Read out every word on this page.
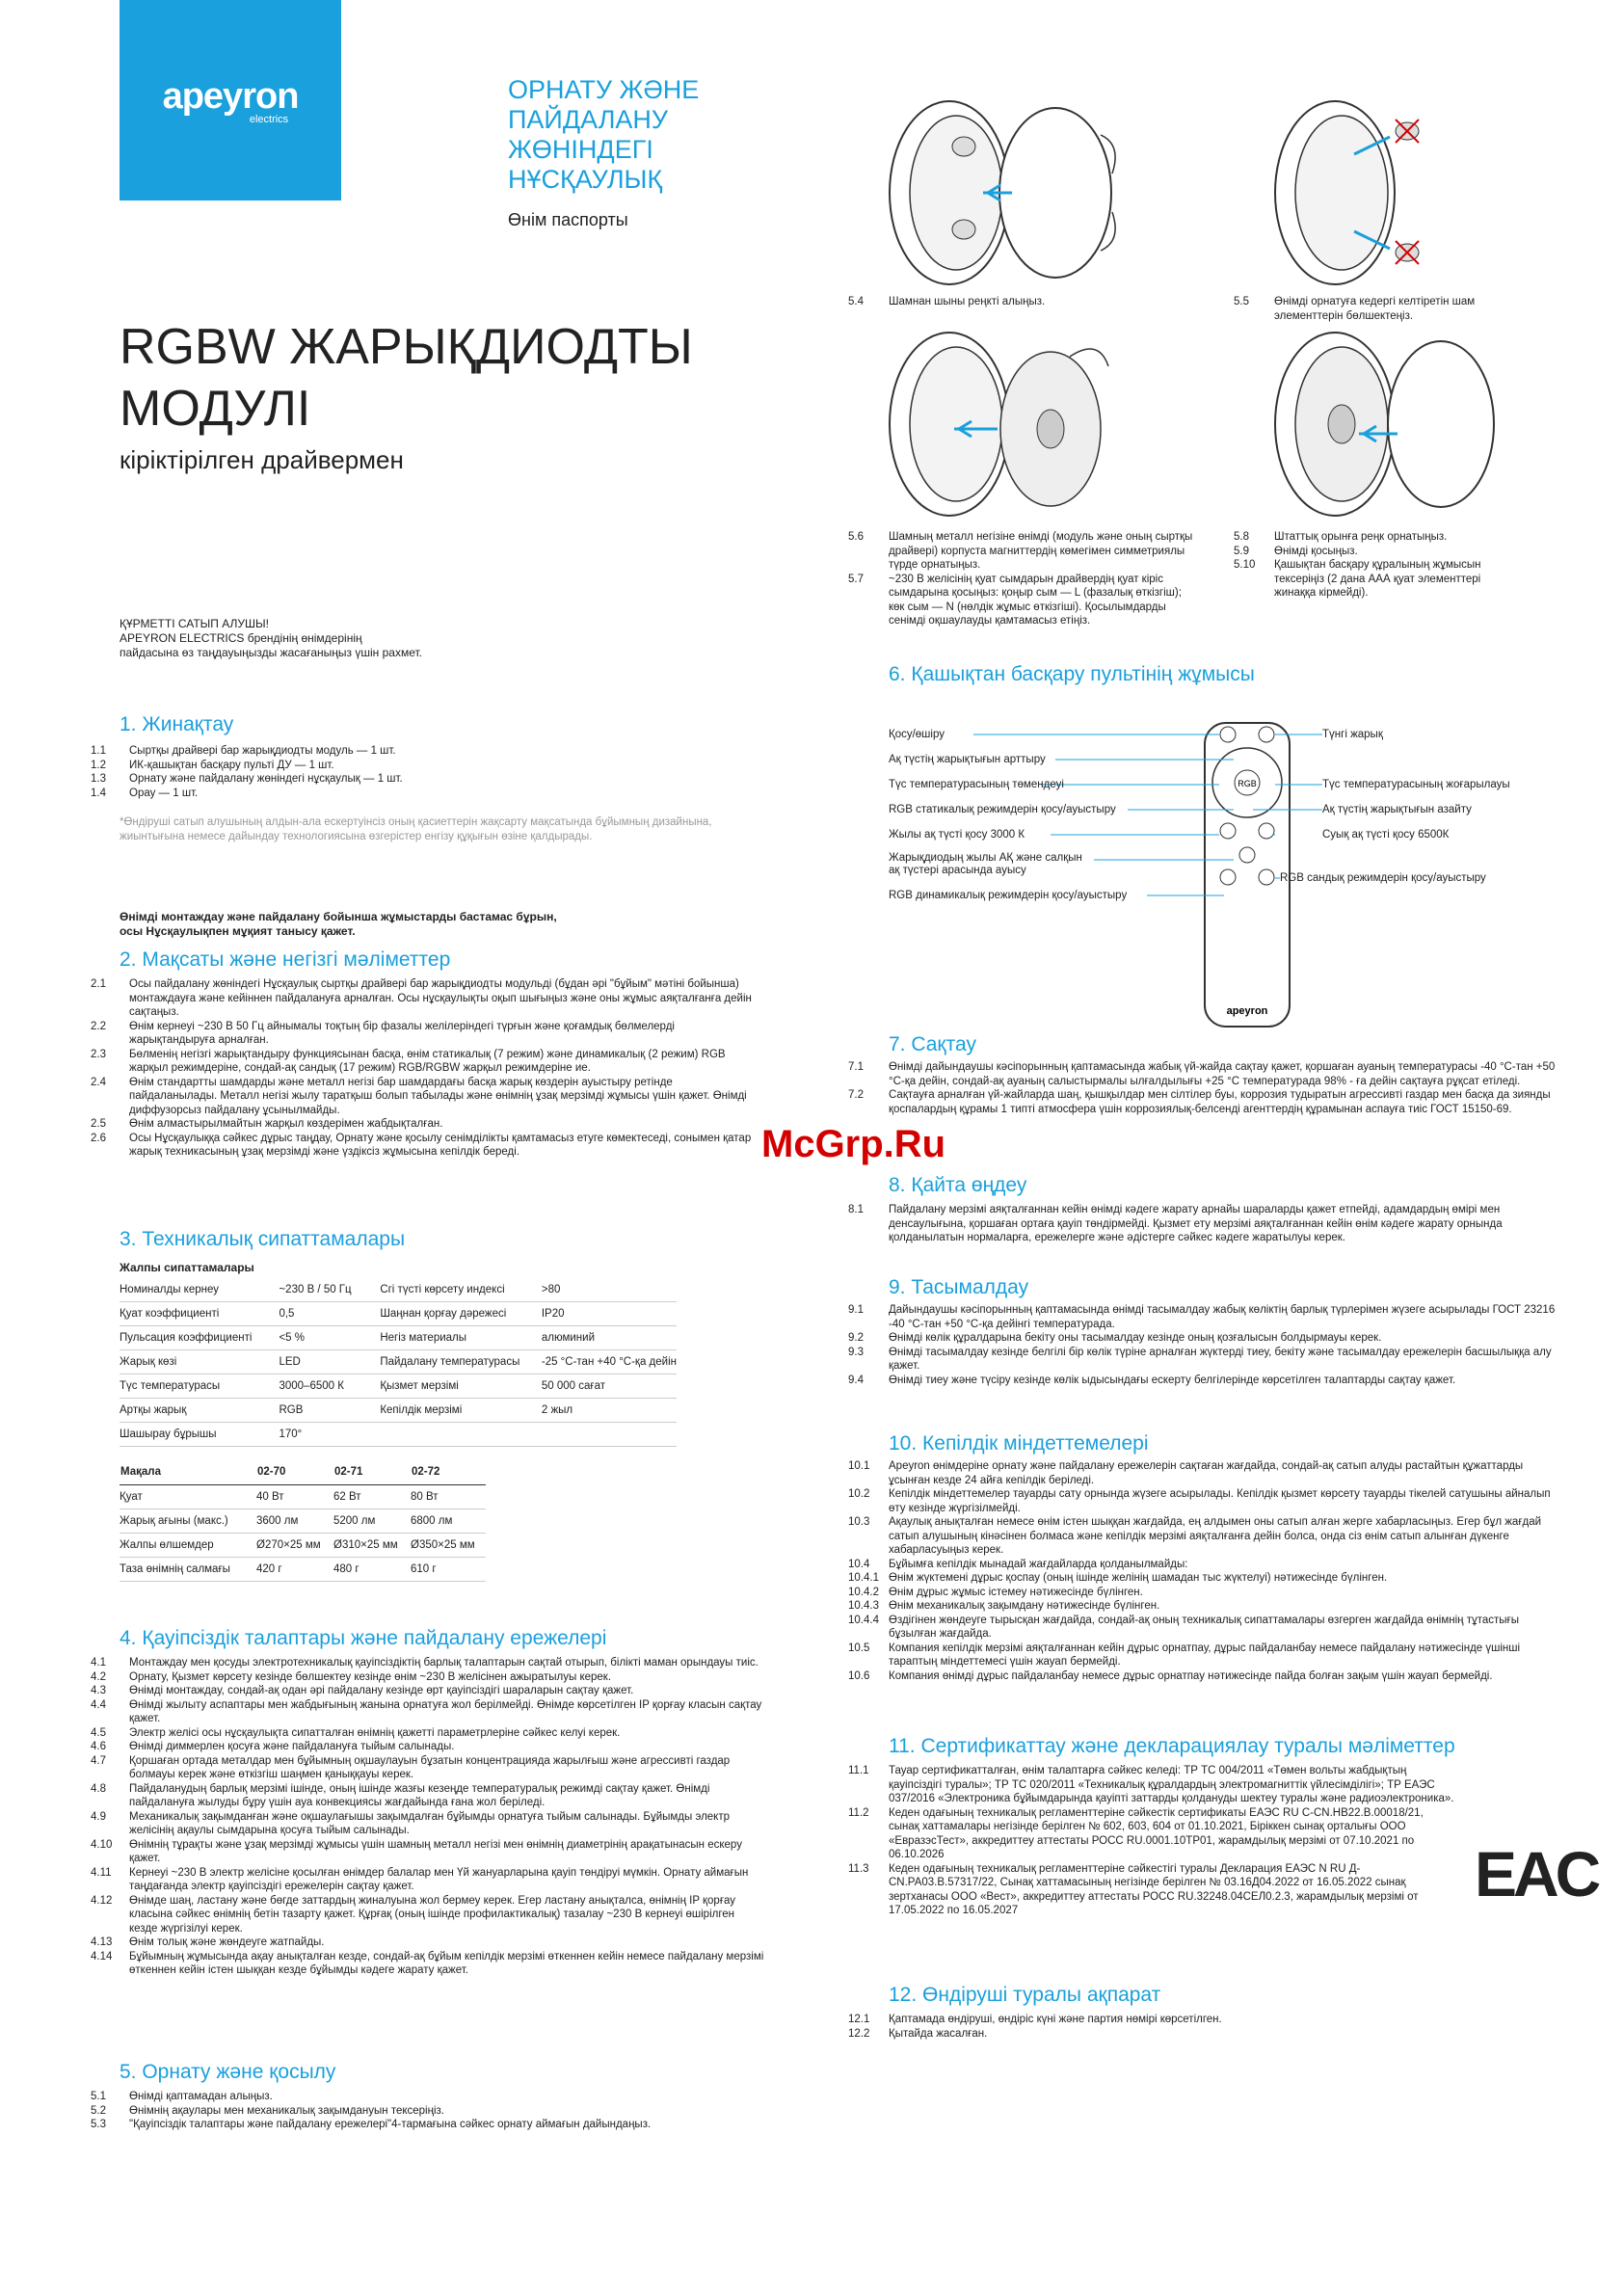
apeyron
electrics
ОРНАТУ ЖӘНЕ
ПАЙДАЛАНУ
ЖӨНІНДЕГІ
НҰСҚАУЛЫҚ
Өнім паспорты
RGBW ЖАРЫҚДИОДТЫ
МОДУЛІ
кіріктірілген драйвермен
ҚҰРМЕТТІ САТЫП АЛУШЫ!
APEYRON ELECTRICS брендінің өнімдерінің
пайдасына өз таңдауыңызды жасағаныңыз үшін рахмет.
1. Жинақтау
1.1	Сыртқы драйвері бар жарықдиодты модуль — 1 шт.
1.2	ИК-қашықтан басқару пульті ДУ — 1 шт.
1.3	Орнату және пайдалану жөніндегі нұсқаулық — 1 шт.
1.4	Орау — 1 шт.
*Өндіруші сатып алушының алдын-ала ескертуінсіз оның қасиеттерін жақсарту мақсатында бұйымның дизайнына, жиынтығына немесе дайындау технологиясына өзгерістер енгізу құқығын өзіне қалдырады.
Өнімді монтаждау және пайдалану бойынша жұмыстарды бастамас бұрын,
осы Нұсқаулықпен мұқият танысу қажет.
2. Мақсаты және негізгі мәліметтер
2.1	Осы пайдалану жөніндегі Нұсқаулық сыртқы драйвері бар жарықдиодты модульді (бұдан әрі "бұйым" мәтіні бойынша) монтаждауға және кейіннен пайдалануға арналған. Осы нұсқаулықты оқып шығыңыз және оны жұмыс аяқталғанға дейін сақтаңыз.
2.2	Өнім кернеуі ~230 В 50 Гц айнымалы тоқтың бір фазалы желілеріндегі түрғын және қоғамдық бөлмелерді жарықтандыруға арналған.
2.3	Бөлменің негізгі жарықтандыру функциясынан басқа, өнім статикалық (7 режим) және динамикалық (2 режим) RGB жарқыл режимдеріне, сондай-ақ сандық (17 режим) RGB/RGBW жарқыл режимдеріне ие.
2.4	Өнім стандартты шамдарды және металл негізі бар шамдардағы басқа жарық көздерін ауыстыру ретінде пайдаланылады. Металл негізі жылу таратқыш болып табылады және өнімнің ұзақ мерзімді жұмысы үшін қажет. Өнімді диффузорсыз пайдалану ұсынылмайды.
2.5	Өнім алмастырылмайтын жарқыл көздерімен жабдықталған.
2.6	Осы Нұсқаулыққа сәйкес дұрыс таңдау, Орнату және қосылу сенімділікты қамтамасыз етуге көмектеседі, сонымен қатар жарық техникасының ұзақ мерзімді және үздіксіз жұмысына кепілдік береді.
3. Техникалық сипаттамалары
Жалпы сипаттамалары
Номиналды кернеу	~230 В / 50 Гц	Сгі түсті көрсету индексі	>80
Қуат коэффициенті	0,5	Шаңнан қорғау дәрежесі	IP20
Пульсация коэффициенті	<5 %	Негіз материалы	алюминий
Жарық көзі	LED	Пайдалану температурасы	-25 °С-тан +40 °С-қа дейін
Түс температурасы	3000–6500 К	Қызмет мерзімі	50 000 сағат
Артқы жарық	RGB	Кепілдік мерзімі	2 жыл
Шашырау бұрышы	170°		
Мақала	02-70	02-71	02-72
Қуат	40 Вт	62 Вт	80 Вт
Жарық ағыны (макс.)	3600 лм	5200 лм	6800 лм
Жалпы өлшемдер	Ø270×25 мм	Ø310×25 мм	Ø350×25 мм
Таза өнімнің салмағы	420 г	480 г	610 г
4. Қауіпсіздік талаптары және пайдалану ережелері
4.1	Монтаждау мен қосуды электротехникалық қауіпсіздіктің барлық талаптарын сақтай отырып, білікті маман орындауы тиіс.
4.2	Орнату, Қызмет көрсету кезінде бөлшектеу кезінде өнім ~230 В желісінен ажыратылуы керек.
4.3	Өнімді монтаждау, сондай-ақ одан әрі пайдалану кезінде өрт қауіпсіздігі шараларын сақтау қажет.
4.4	Өнімді жылыту аспаптары мен жабдығының жанына орнатуға жол берілмейді. Өнімде көрсетілген IP қорғау класын сақтау қажет.
4.5	Электр желісі осы нұсқаулықта сипатталған өнімнің қажетті параметрлеріне сәйкес келуі керек.
4.6	Өнімді диммерлен қосуға және пайдалануға тыйым салынады.
4.7	Қоршаған ортада металдар мен бұйымның оқшаулауын бұзатын концентрацияда жарылғыш және агрессивті газдар болмауы керек және өткізгіш шаңмен қаныққауы керек.
4.8	Пайдаланудың барлық мерзімі ішінде, оның ішінде жазғы кезеңде температуралық режимді сақтау қажет. Өнімді пайдалануға жылуды бұру үшін ауа конвекциясы жағдайында ғана жол беріледі.
4.9	Механикалық зақымданған және оқшаулағышы зақымдалған бұйымды орнатуға тыйым салынады. Бұйымды электр желісінің ақаулы сымдарына қосуға тыйым салынады.
4.10	Өнімнің тұрақты және ұзақ мерзімді жұмысы үшін шамның металл негізі мен өнімнің диаметрінің арақатынасын ескеру қажет.
4.11	Кернеуі ~230 В электр желісіне қосылған өнімдер балалар мен Үй жануарларына қауіп төндіруі мүмкін. Орнату аймағын таңдағанда электр қауіпсіздігі ережелерін сақтау қажет.
4.12	Өнімде шаң, ластану және бөгде заттардың жиналуына жол бермеу керек. Егер ластану анықталса, өнімнің IP қорғау класына сәйкес өнімнің бетін тазарту қажет. Құрғақ (оның ішінде профилактикалық) тазалау ~230 В кернеуі өшірілген кезде жүргізілуі керек.
4.13	Өнім толық және жөндеуге жатпайды.
4.14	Бұйымның жұмысында ақау анықталған кезде, сондай-ақ бұйым кепілдік мерзімі өткеннен кейін немесе пайдалану мерзімі өткеннен кейін істен шыққан кезде бұйымды кәдеге жарату қажет.
5. Орнату және қосылу
5.1	Өнімді қаптамадан алыңыз.
5.2	Өнімнің ақаулары мен механикалық зақымдануын тексеріңіз.
5.3	"Қауіпсіздік талаптары және пайдалану ережелері"4-тармағына сәйкес орнату аймағын дайындаңыз.
5.4	Шамнан шыны реңкті алыңыз.	5.5	Өнімді орнатуға кедергі келтіретін шам элементтерін бөлшектеңіз.
5.6	Шамның металл негізіне өнімді (модуль және оның сыртқы драйвері) корпуста магниттердің көмегімен симметриялы түрде орнатыңыз.
5.7	~230 В желісінің қуат сымдарын драйвердің қуат кіріс сымдарына қосыңыз: қоңыр сым — L (фазалық өткізгіш); көк сым — N (нөлдік жұмыс өткізгіші). Қосылымдарды сенімді оқшаулауды қамтамасыз етіңіз.
5.8	Штаттық орынға реңк орнатыңыз.
5.9	Өнімді қосыңыз.
5.10	Қашықтан басқару құралының жұмысын тексеріңіз (2 дана ААА қуат элементтері жинаққа кірмейді).
6. Қашықтан басқару пультінің жұмысы
RGB
apeyron
Қосу/өшіру
Ақ түстің жарықтығын арттыру
Түс температурасының төмендеуі
RGB статикалық режимдерін қосу/ауыстыру
Жылы ақ түсті қосу 3000 К
Жарықдиодың жылы АҚ және салқын
ақ түстері арасында ауысу
RGB динамикалық режимдерін қосу/ауыстыру
Түнгі жарық
Түс температурасының жоғарылауы
Ақ түстің жарықтығын азайту
Суық ақ түсті қосу 6500К
RGB сандық режимдерін қосу/ауыстыру
7. Сақтау
7.1	Өнімді дайындаушы кәсіпорынның қаптамасында жабық үй-жайда сақтау қажет, қоршаған ауаның температурасы -40 °С-тан +50 °С-қа дейін, сондай-ақ ауаның салыстырмалы ылғалдылығы +25 °С температурада 98% - ға дейін сақтауға рұқсат етіледі.
7.2	Сақтауға арналған үй-жайларда шаң, қышқылдар мен сілтілер буы, коррозия тудыратын агрессивті газдар мен басқа да зиянды қоспалардың құрамы 1 типті атмосфера үшін коррозиялық-белсенді агенттердің құрамынан аспауға тиіс ГОСТ 15150-69.
8. Қайта өңдеу
8.1	Пайдалану мерзімі аяқталғаннан кейін өнімді кәдеге жарату арнайы шараларды қажет етпейді, адамдардың өмірі мен денсаулығына, қоршаған ортаға қауіп төндірмейді. Қызмет ету мерзімі аяқталғаннан кейін өнім кәдеге жарату орнында қолданылатын нормаларға, ережелерге және әдістерге сәйкес кәдеге жаратылуы керек.
9. Тасымалдау
9.1	Дайындаушы кәсіпорынның қаптамасында өнімді тасымалдау жабық көліктің барлық түрлерімен жүзеге асырылады ГОСТ 23216 -40 °С-тан +50 °С-қа дейінгі температурада.
9.2	Өнімді көлік құралдарына бекіту оны тасымалдау кезінде оның қозғалысын болдырмауы керек.
9.3	Өнімді тасымалдау кезінде белгілі бір көлік түріне арналған жүктерді тиеу, бекіту және тасымалдау ережелерін басшылыққа алу қажет.
9.4	Өнімді тиеу және түсіру кезінде көлік ыдысындағы ескерту белгілерінде көрсетілген талаптарды сақтау қажет.
10. Кепілдік міндеттемелері
10.1	Apeyron өнімдеріне орнату және пайдалану ережелерін сақтаған жағдайда, сондай-ақ сатып алуды растайтын құжаттарды ұсынған кезде 24 айға кепілдік беріледі.
10.2	Кепілдік міндеттемелер тауарды сату орнында жүзеге асырылады. Кепілдік қызмет көрсету тауарды тікелей сатушыны айналып өту кезінде жүргізілмейді.
10.3	Ақаулық анықталған немесе өнім істен шыққан жағдайда, ең алдымен оны сатып алған жерге хабарласыңыз. Егер бұл жағдай сатып алушының кінәсінен болмаса және кепілдік мерзімі аяқталғанға дейін болса, онда сіз өнім сатып алынған дүкенге хабарласуыңыз керек.
10.4	Бұйымға кепілдік мынадай жағдайларда қолданылмайды:
10.4.1 Өнім жүктемені дұрыс қоспау (оның ішінде желінің шамадан тыс жүктелуі) нәтижесінде бүлінген.
10.4.2 Өнім дұрыс жұмыс істемеу нәтижесінде бүлінген.
10.4.3 Өнім механикалық зақымдану нәтижесінде бүлінген.
10.4.4 Өздігінен жөндеуге тырысқан жағдайда, сондай-ақ оның техникалық сипаттамалары өзгерген жағдайда өнімнің тұтастығы бұзылған жағдайда.
10.5	Компания кепілдік мерзімі аяқталғаннан кейін дұрыс орнатпау, дұрыс пайдаланбау немесе пайдалану нәтижесінде үшінші тараптың міндеттемесі үшін жауап бермейді.
10.6	Компания өнімді дұрыс пайдаланбау немесе дұрыс орнатпау нәтижесінде пайда болған зақым үшін жауап бермейді.
11. Сертификаттау және декларациялау туралы мәліметтер
11.1	Тауар сертификатталған, өнім талаптарға сәйкес келеді: ТР ТС 004/2011 «Төмен вольты жабдықтың қауіпсіздігі туралы»; ТР ТС 020/2011 «Техникалық құралдардың электромагниттік үйлесімділігі»; ТР ЕАЭС 037/2016 «Электроника бұйымдарында қауіпті заттарды қолдануды шектеу туралы және радиоэлектроника».
11.2	Кеден одағының техникалық регламенттеріне сәйкестік сертификаты ЕАЭС RU С-CN.НВ22.В.00018/21, сынақ хаттамалары негізінде берілген № 602, 603, 604 от 01.10.2021, Біріккен сынақ орталығы ООО «ЕвразэсТест», аккредиттеу аттестаты РОСС RU.0001.10ТР01, жарамдылық мерзімі от 07.10.2021 по 06.10.2026
11.3	Кеден одағының техникалық регламенттеріне сәйкестігі туралы Декларация ЕАЭС N RU Д-CN.РА03.В.57317/22, Сынақ хаттамасының негізінде берілген № 03.16Д04.2022 от 16.05.2022 сынақ зертханасы ООО «Вест», аккредиттеу аттестаты РОСС RU.32248.04СЕЛ0.2.3, жарамдылық мерзімі от 17.05.2022 по 16.05.2027
EAC
12. Өндіруші туралы ақпарат
12.1	Қаптамада өндіруші, өндіріс күні және партия нөмірі көрсетілген.
12.2	Қытайда жасалған.
McGrp.Ru
